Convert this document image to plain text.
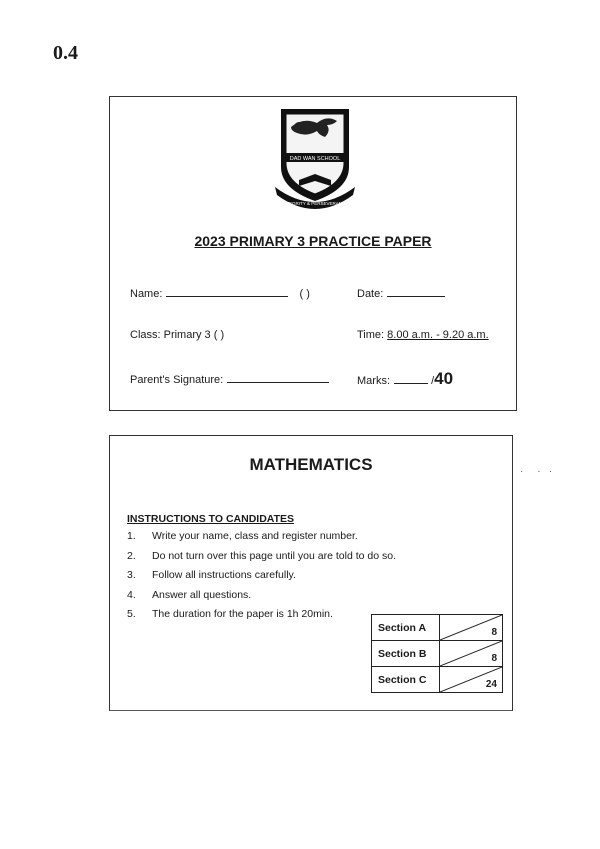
0.4
DAD WAN SCHOOL
INTEGRITY & PERSEVERANCE
2023 PRIMARY 3 PRACTICE PAPER
Name:	( )	Date:
Class: Primary 3 ( )	Time: 8.00 a.m. - 9.20 a.m.
Parent's Signature:	Marks:	/40
MATHEMATICS
INSTRUCTIONS TO CANDIDATES
1. Write your name, class and register number.
2. Do not turn over this page until you are told to do so.
3. Follow all instructions carefully.
4. Answer all questions.
5. The duration for the paper is 1h 20min.
Section A	8

Section B	8

Section C	24
·     ·   ·
